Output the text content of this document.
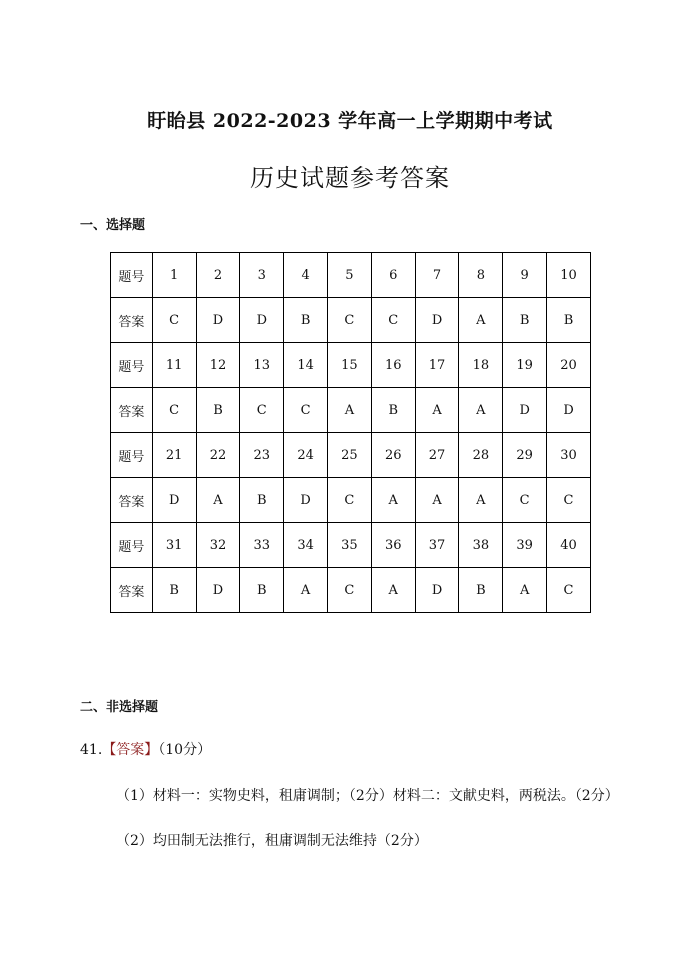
盱眙县 2022-2023 学年高一上学期期中考试
历史试题参考答案
一、选择题
题号	1	2	3	4	5	6	7	8	9	10
答案	C	D	D	B	C	C	D	A	B	B
题号	11	12	13	14	15	16	17	18	19	20
答案	C	B	C	C	A	B	A	A	D	D
题号	21	22	23	24	25	26	27	28	29	30
答案	D	A	B	D	C	A	A	A	C	C
题号	31	32	33	34	35	36	37	38	39	40
答案	B	D	B	A	C	A	D	B	A	C
二、非选择题
41.【答案】（10分）
（1）材料一：实物史料，租庸调制；（2分）材料二：文献史料，两税法。（2分）
（2）均田制无法推行，租庸调制无法维持（2分）
